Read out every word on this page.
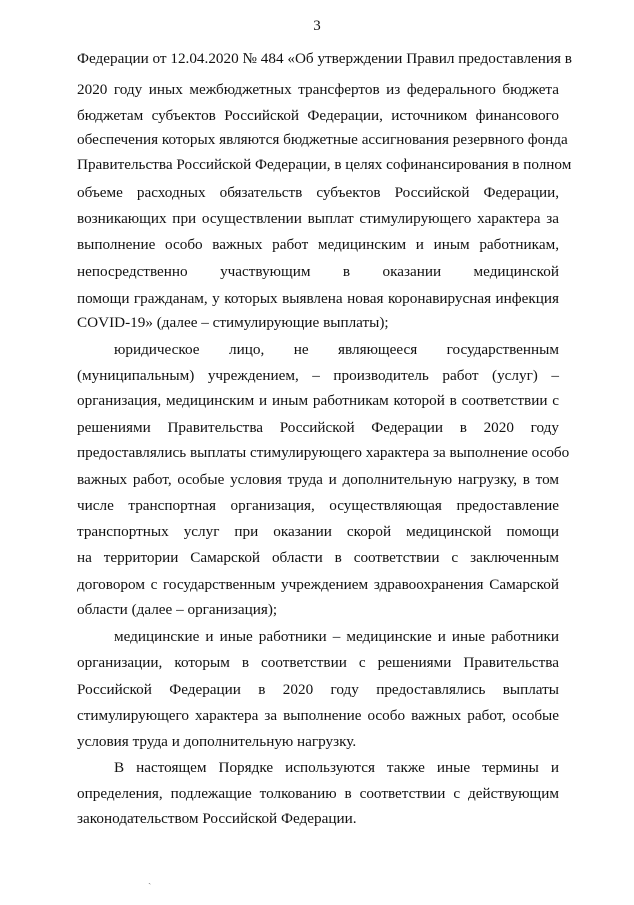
3
Федерации от 12.04.2020 № 484 «Об утверждении Правил предоставления в
2020 году иных межбюджетных трансфертов из федерального бюджета
бюджетам субъектов Российской Федерации, источником финансового
обеспечения которых являются бюджетные ассигнования резервного фонда
Правительства Российской Федерации, в целях софинансирования в полном
объеме расходных обязательств субъектов Российской Федерации,
возникающих при осуществлении выплат стимулирующего характера за
выполнение особо важных работ медицинским и иным работникам,
непосредственно участвующим в оказании медицинской
помощи гражданам, у которых выявлена новая коронавирусная инфекция
COVID-19» (далее – стимулирующие выплаты);
юридическое лицо, не являющееся государственным
(муниципальным) учреждением, – производитель работ (услуг) –
организация, медицинским и иным работникам которой в соответствии с
решениями Правительства Российской Федерации в 2020 году
предоставлялись выплаты стимулирующего характера за выполнение особо
важных работ, особые условия труда и дополнительную нагрузку, в том
числе транспортная организация, осуществляющая предоставление
транспортных услуг при оказании скорой медицинской помощи
на территории Самарской области в соответствии с заключенным
договором с государственным учреждением здравоохранения Самарской
области (далее – организация);
медицинские и иные работники – медицинские и иные работники
организации, которым в соответствии с решениями Правительства
Российской Федерации в 2020 году предоставлялись выплаты
стимулирующего характера за выполнение особо важных работ, особые
условия труда и дополнительную нагрузку.
В настоящем Порядке используются также иные термины и
определения, подлежащие толкованию в соответствии с действующим
законодательством Российской Федерации.
ˎ
